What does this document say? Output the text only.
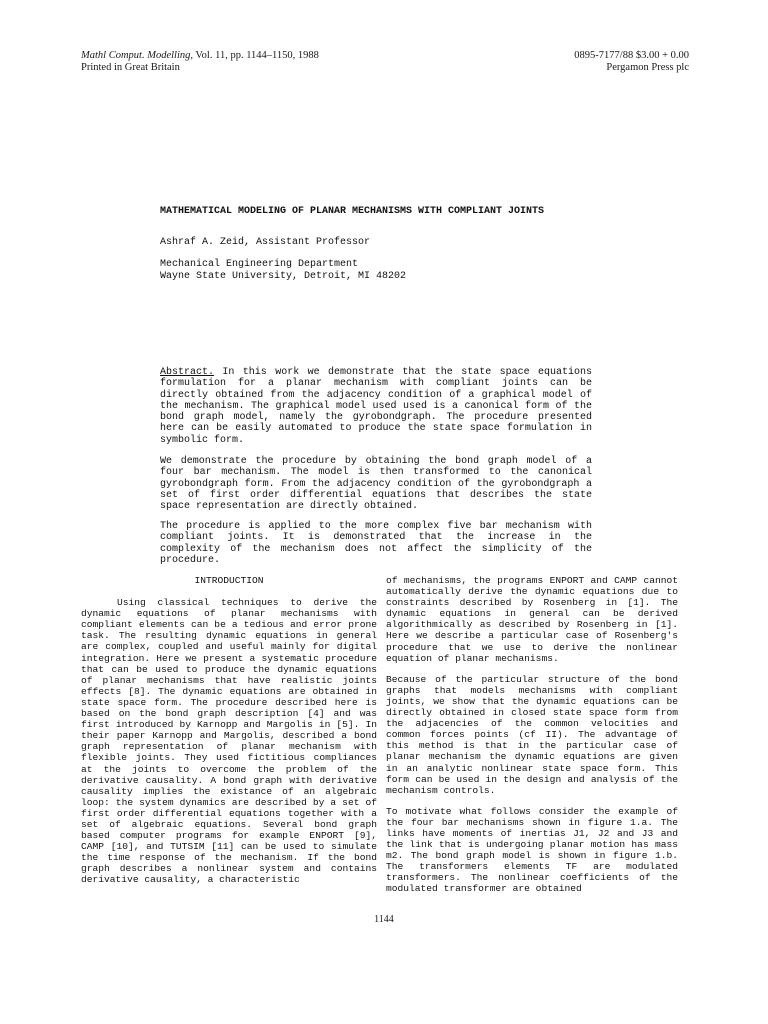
Mathl Comput. Modelling, Vol. 11, pp. 1144–1150, 1988
Printed in Great Britain
0895-7177/88 $3.00 + 0.00
Pergamon Press plc
MATHEMATICAL MODELING OF PLANAR MECHANISMS WITH COMPLIANT JOINTS
Ashraf A. Zeid, Assistant Professor
Mechanical Engineering Department
Wayne State University, Detroit, MI 48202

Abstract. In this work we demonstrate that the state space equations formulation for a planar mechanism with compliant joints can be directly obtained from the adjacency condition of a graphical model of the mechanism. The graphical model used used is a canonical form of the bond graph model, namely the gyrobondgraph. The procedure presented here can be easily automated to produce the state space formulation in symbolic form.

We demonstrate the procedure by obtaining the bond graph model of a four bar mechanism. The model is then transformed to the canonical gyrobondgraph form. From the adjacency condition of the gyrobondgraph a set of first order differential equations that describes the state space representation are directly obtained.

The procedure is applied to the more complex five bar mechanism with compliant joints. It is demonstrated that the increase in the complexity of the mechanism does not affect the simplicity of the procedure.

INTRODUCTION

Using classical techniques to derive the dynamic equations of planar mechanisms with compliant elements can be a tedious and error prone task. The resulting dynamic equations in general are complex, coupled and useful mainly for digital integration. Here we present a systematic procedure that can be used to produce the dynamic equations of planar mechanisms that have realistic joints effects [8]. The dynamic equations are obtained in state space form. The procedure described here is based on the bond graph description [4] and was first introduced by Karnopp and Margolis in [5]. In their paper Karnopp and Margolis, described a bond graph representation of planar mechanism with flexible joints. They used fictitious compliances at the joints to overcome the problem of the derivative causality. A bond graph with derivative causality implies the existance of an algebraic loop: the system dynamics are described by a set of first order differential equations together with a set of algebraic equations. Several bond graph based computer programs for example ENPORT [9], CAMP [10], and TUTSIM [11] can be used to simulate the time response of the mechanism. If the bond graph describes a nonlinear system and contains derivative causality, a characteristic

of mechanisms, the programs ENPORT and CAMP cannot automatically derive the dynamic equations due to constraints described by Rosenberg in [1]. The dynamic equations in general can be derived algorithmically as described by Rosenberg in [1]. Here we describe a particular case of Rosenberg's procedure that we use to derive the nonlinear equation of planar mechanisms.

Because of the particular structure of the bond graphs that models mechanisms with compliant joints, we show that the dynamic equations can be directly obtained in closed state space form from the adjacencies of the common velocities and common forces points (cf II). The advantage of this method is that in the particular case of planar mechanism the dynamic equations are given in an analytic nonlinear state space form. This form can be used in the design and analysis of the mechanism controls.

To motivate what follows consider the example of the four bar mechanisms shown in figure 1.a. The links have moments of inertias J1, J2 and J3 and the link that is undergoing planar motion has mass m2. The bond graph model is shown in figure 1.b. The transformers elements TF are modulated transformers. The nonlinear coefficients of the modulated transformer are obtained

1144
